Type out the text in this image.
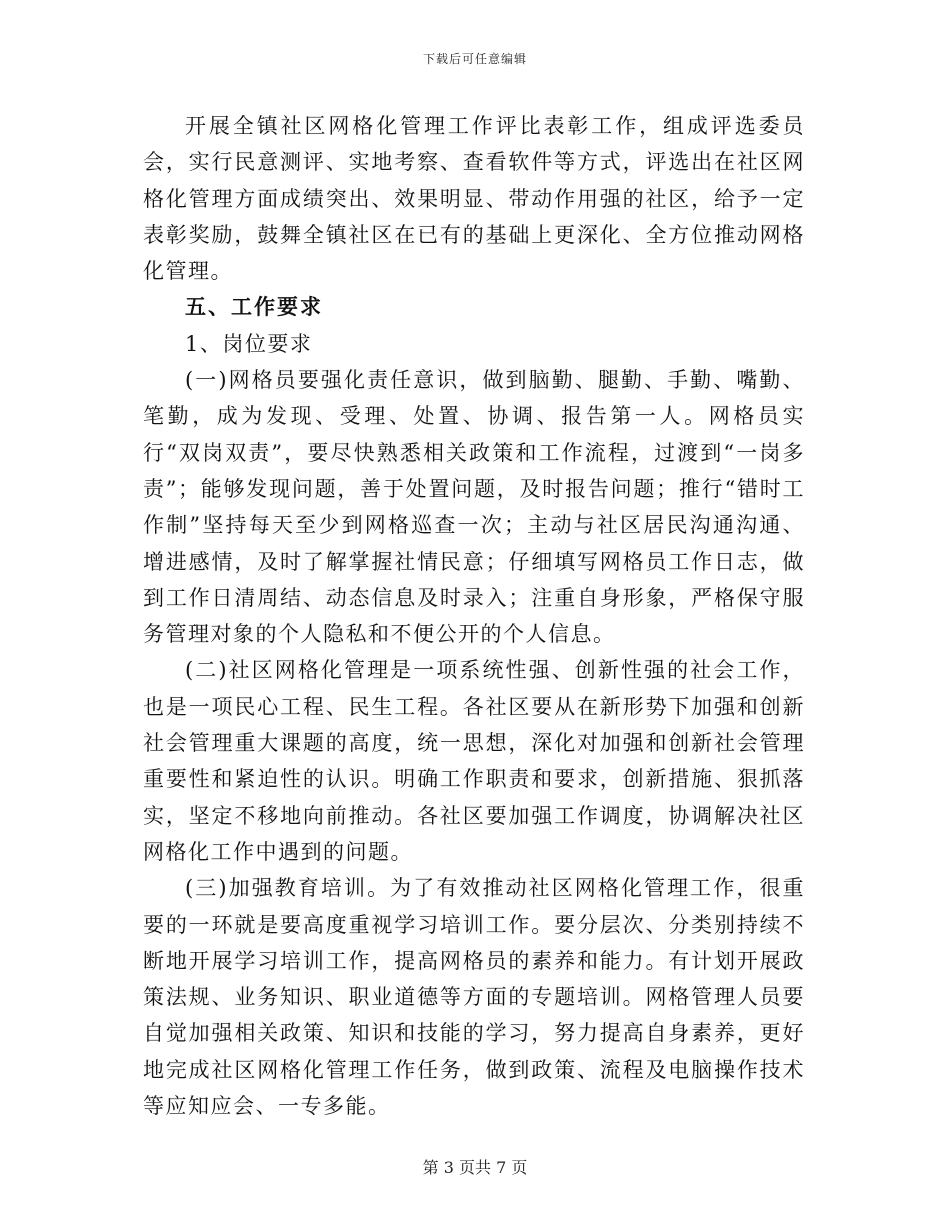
下载后可任意编辑

开展全镇社区网格化管理工作评比表彰工作，组成评选委员会，实行民意测评、实地考察、查看软件等方式，评选出在社区网格化管理方面成绩突出、效果明显、带动作用强的社区，给予一定表彰奖励，鼓舞全镇社区在已有的基础上更深化、全方位推动网格化管理。

五、工作要求

1、岗位要求

(一)网格员要强化责任意识，做到脑勤、腿勤、手勤、嘴勤、笔勤，成为发现、受理、处置、协调、报告第一人。网格员实行“双岗双责”，要尽快熟悉相关政策和工作流程，过渡到“一岗多责”；能够发现问题，善于处置问题，及时报告问题；推行“错时工作制”坚持每天至少到网格巡查一次；主动与社区居民沟通沟通、增进感情，及时了解掌握社情民意；仔细填写网格员工作日志，做到工作日清周结、动态信息及时录入；注重自身形象，严格保守服务管理对象的个人隐私和不便公开的个人信息。

(二)社区网格化管理是一项系统性强、创新性强的社会工作，也是一项民心工程、民生工程。各社区要从在新形势下加强和创新社会管理重大课题的高度，统一思想，深化对加强和创新社会管理重要性和紧迫性的认识。明确工作职责和要求，创新措施、狠抓落实，坚定不移地向前推动。各社区要加强工作调度，协调解决社区网格化工作中遇到的问题。

(三)加强教育培训。为了有效推动社区网格化管理工作，很重要的一环就是要高度重视学习培训工作。要分层次、分类别持续不断地开展学习培训工作，提高网格员的素养和能力。有计划开展政策法规、业务知识、职业道德等方面的专题培训。网格管理人员要自觉加强相关政策、知识和技能的学习，努力提高自身素养，更好地完成社区网格化管理工作任务，做到政策、流程及电脑操作技术等应知应会、一专多能。

第 3 页共 7 页
